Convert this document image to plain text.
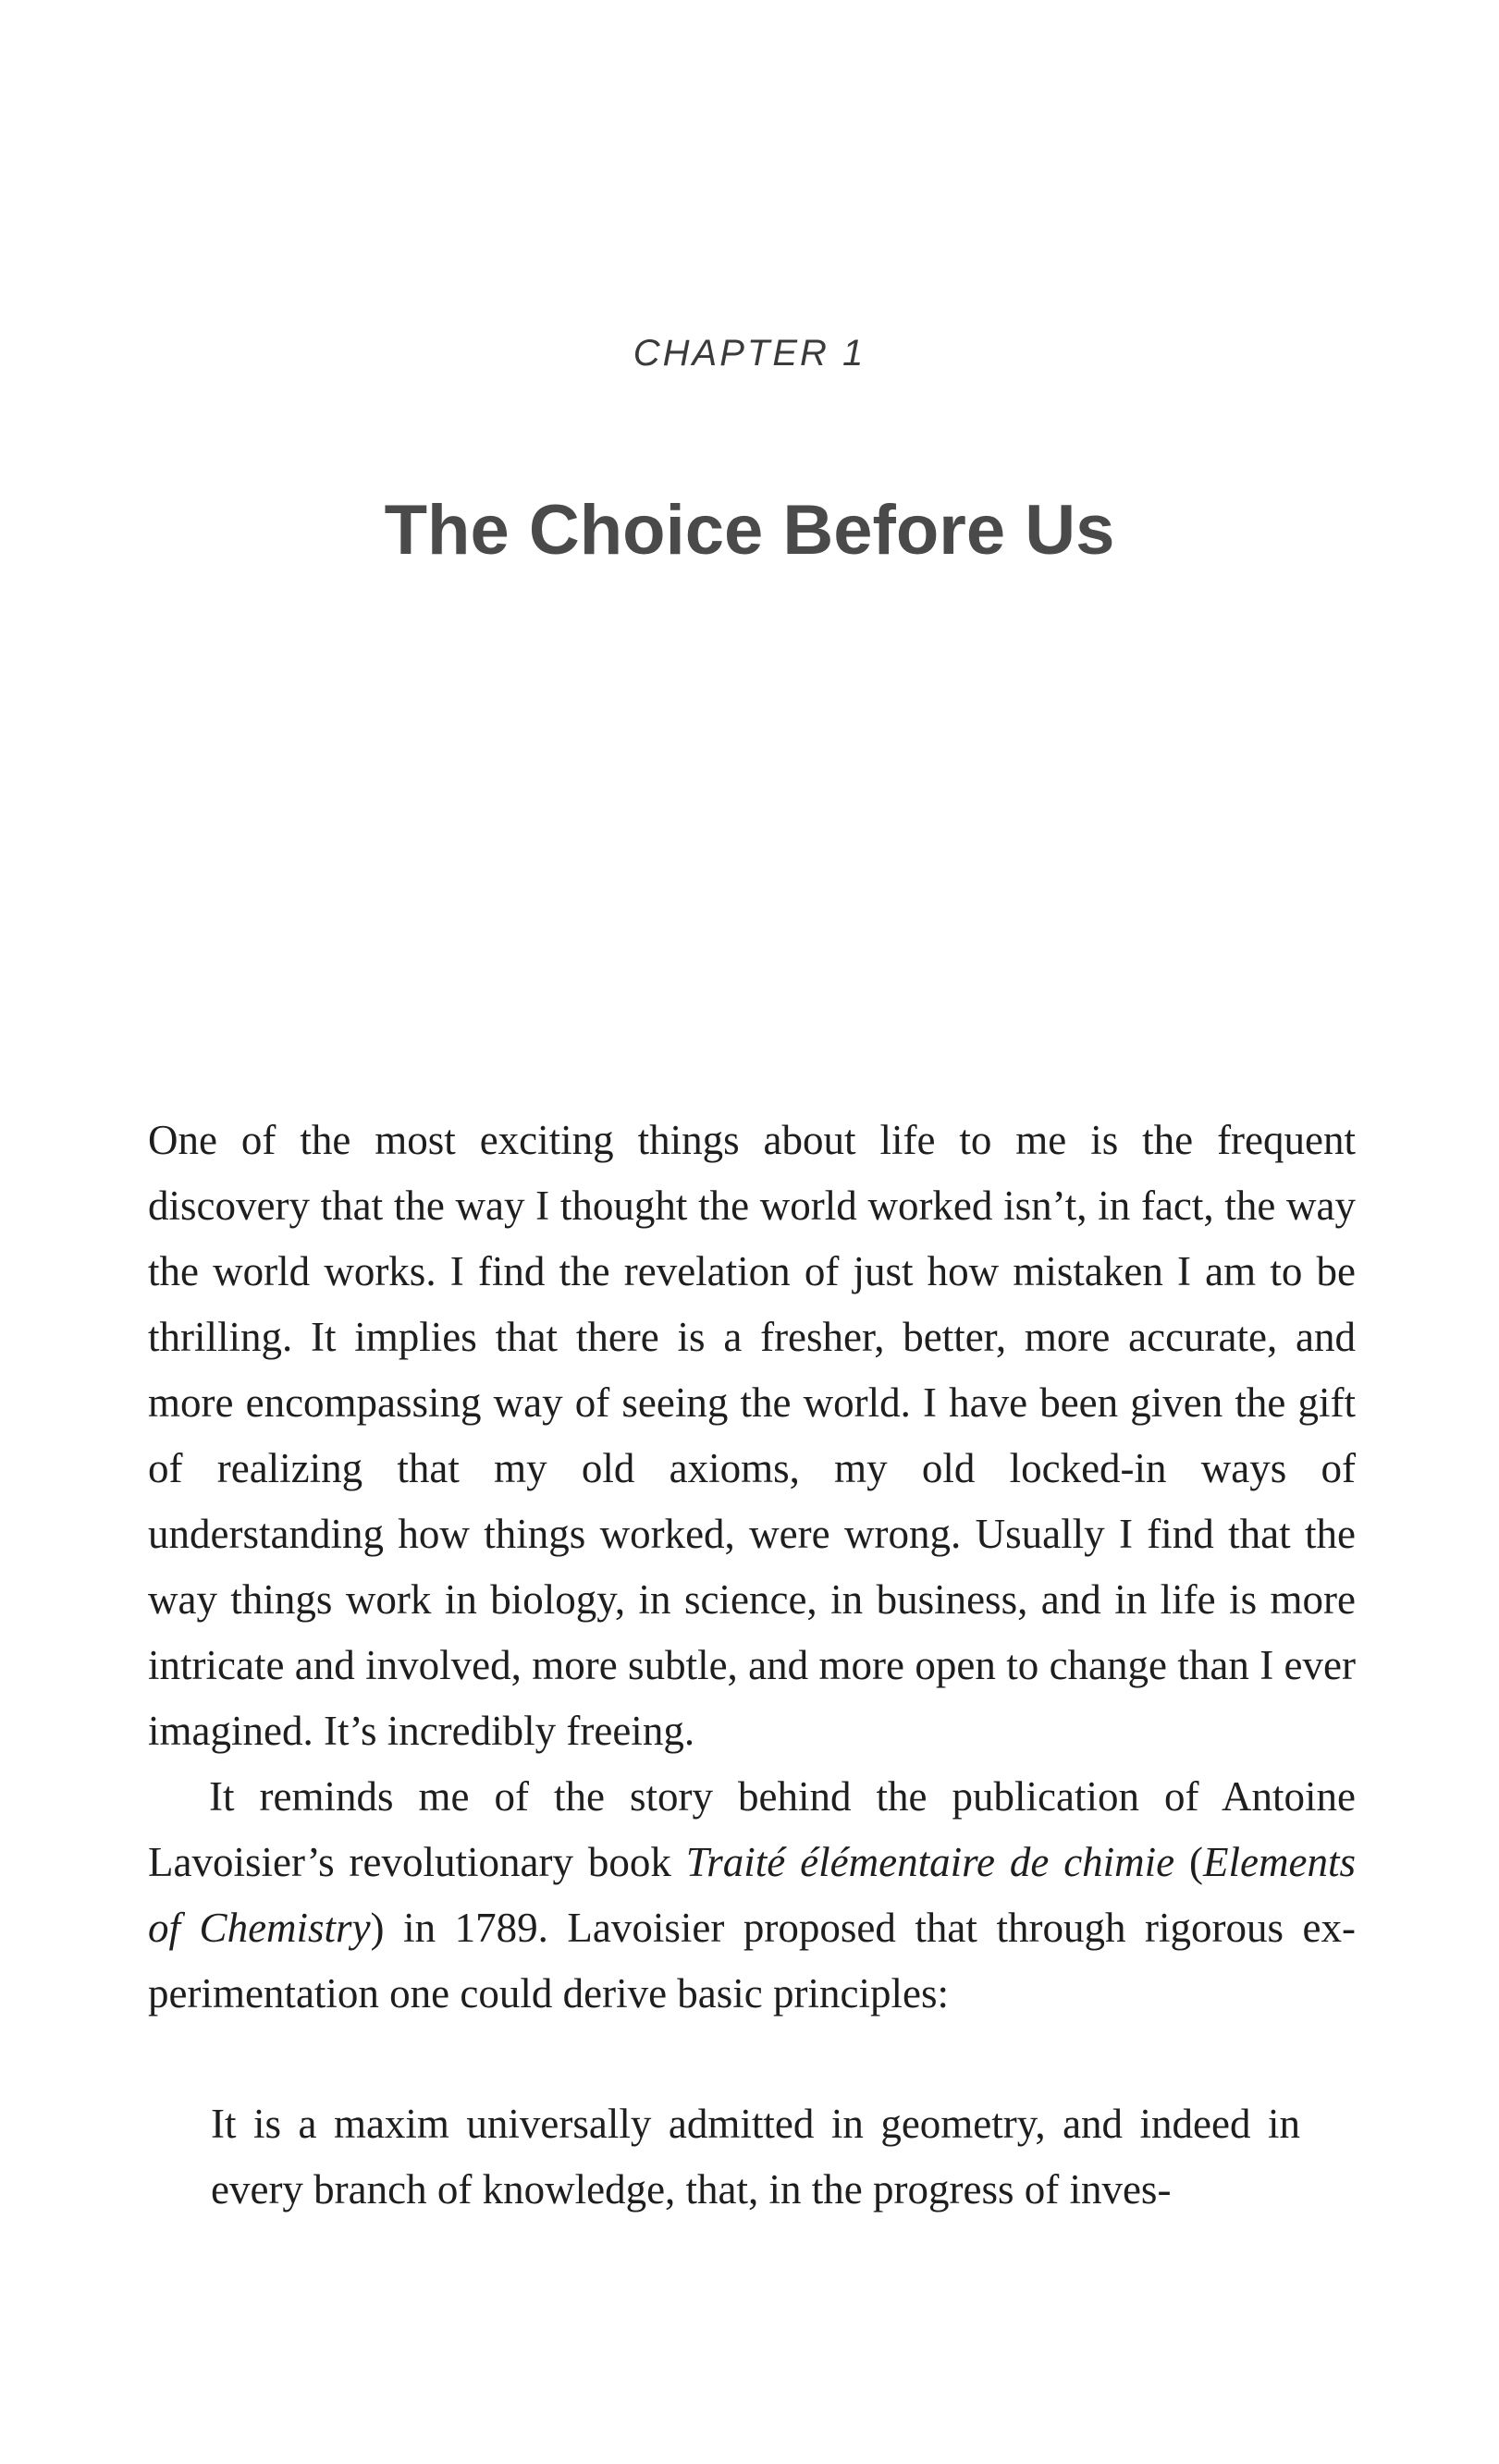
CHAPTER 1
The Choice Before Us

One of the most exciting things about life to me is the frequent discovery that the way I thought the world worked isn’t, in fact, the way the world works. I find the revelation of just how mistaken I am to be thrilling. It implies that there is a fresher, better, more accurate, and more encompassing way of seeing the world. I have been given the gift of realizing that my old axioms, my old locked-in ways of understanding how things worked, were wrong. Usually I find that the way things work in biology, in science, in business, and in life is more intricate and involved, more subtle, and more open to change than I ever imagined. It’s incredibly freeing.

It reminds me of the story behind the publication of Antoine Lavoisier’s revolutionary book Traité élémentaire de chimie (Elements of Chemistry) in 1789. Lavoisier proposed that through rigorous experimentation one could derive basic principles:

It is a maxim universally admitted in geometry, and indeed in every branch of knowledge, that, in the progress of inves-
